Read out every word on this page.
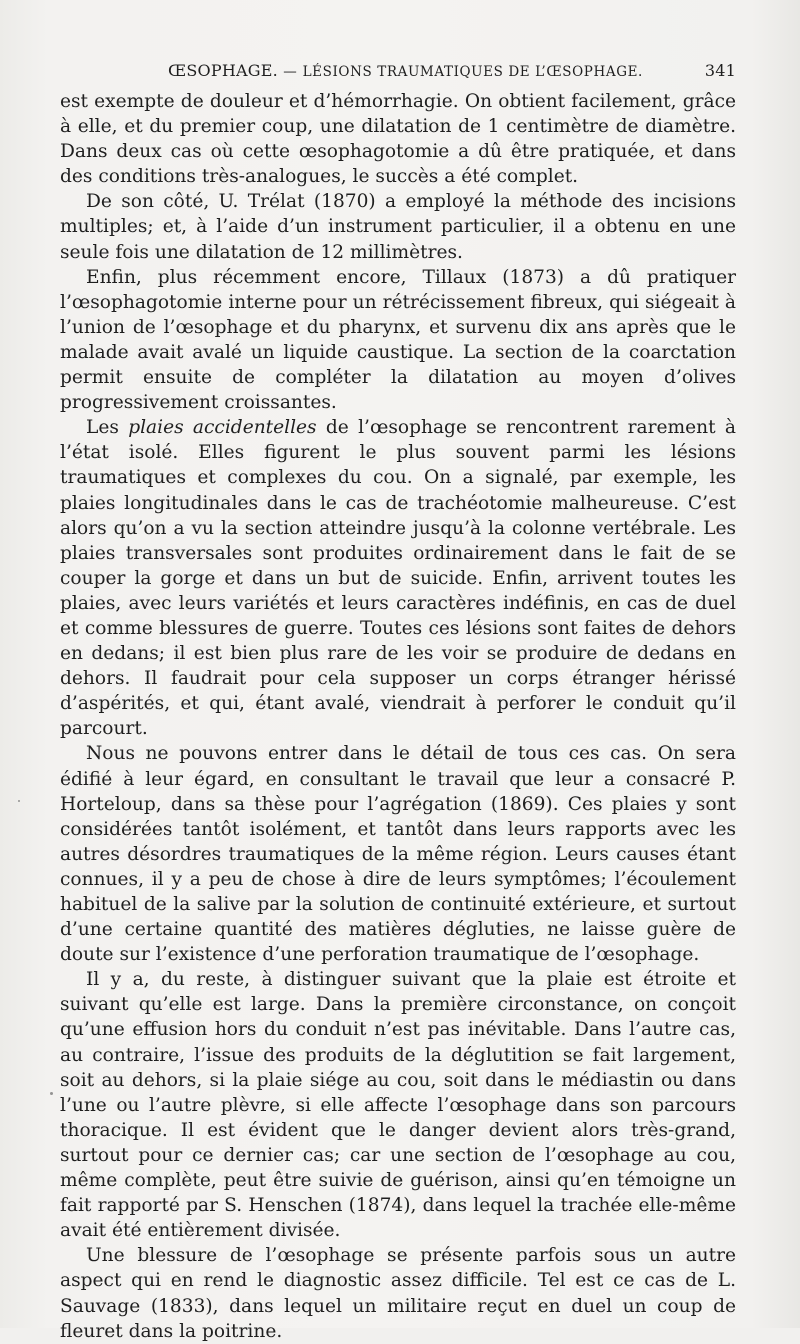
ŒSOPHAGE. — LÉSIONS TRAUMATIQUES DE L’ŒSOPHAGE.	341

est exempte de douleur et d’hémorrhagie. On obtient facilement, grâce à elle, et du premier coup, une dilatation de 1 centimètre de diamètre. Dans deux cas où cette œsophagotomie a dû être pratiquée, et dans des conditions très-analogues, le succès a été complet.

De son côté, U. Trélat (1870) a employé la méthode des incisions multiples; et, à l’aide d’un instrument particulier, il a obtenu en une seule fois une dilatation de 12 millimètres.

Enfin, plus récemment encore, Tillaux (1873) a dû pratiquer l’œsophagotomie interne pour un rétrécissement fibreux, qui siégeait à l’union de l’œsophage et du pharynx, et survenu dix ans après que le malade avait avalé un liquide caustique. La section de la coarctation permit ensuite de compléter la dilatation au moyen d’olives progressivement croissantes.

Les plaies accidentelles de l’œsophage se rencontrent rarement à l’état isolé. Elles figurent le plus souvent parmi les lésions traumatiques et complexes du cou. On a signalé, par exemple, les plaies longitudinales dans le cas de trachéotomie malheureuse. C’est alors qu’on a vu la section atteindre jusqu’à la colonne vertébrale. Les plaies transversales sont produites ordinairement dans le fait de se couper la gorge et dans un but de suicide. Enfin, arrivent toutes les plaies, avec leurs variétés et leurs caractères indéfinis, en cas de duel et comme blessures de guerre. Toutes ces lésions sont faites de dehors en dedans; il est bien plus rare de les voir se produire de dedans en dehors. Il faudrait pour cela supposer un corps étranger hérissé d’aspérités, et qui, étant avalé, viendrait à perforer le conduit qu’il parcourt.

Nous ne pouvons entrer dans le détail de tous ces cas. On sera édifié à leur égard, en consultant le travail que leur a consacré P. Horteloup, dans sa thèse pour l’agrégation (1869). Ces plaies y sont considérées tantôt isolément, et tantôt dans leurs rapports avec les autres désordres traumatiques de la même région. Leurs causes étant connues, il y a peu de chose à dire de leurs symptômes; l’écoulement habituel de la salive par la solution de continuité extérieure, et surtout d’une certaine quantité des matières dégluties, ne laisse guère de doute sur l’existence d’une perforation traumatique de l’œsophage.

Il y a, du reste, à distinguer suivant que la plaie est étroite et suivant qu’elle est large. Dans la première circonstance, on conçoit qu’une effusion hors du conduit n’est pas inévitable. Dans l’autre cas, au contraire, l’issue des produits de la déglutition se fait largement, soit au dehors, si la plaie siége au cou, soit dans le médiastin ou dans l’une ou l’autre plèvre, si elle affecte l’œsophage dans son parcours thoracique. Il est évident que le danger devient alors très-grand, surtout pour ce dernier cas; car une section de l’œsophage au cou, même complète, peut être suivie de guérison, ainsi qu’en témoigne un fait rapporté par S. Henschen (1874), dans lequel la trachée elle-même avait été entièrement divisée.

Une blessure de l’œsophage se présente parfois sous un autre aspect qui en rend le diagnostic assez difficile. Tel est ce cas de L. Sauvage (1833), dans lequel un militaire reçut en duel un coup de fleuret dans la poitrine.
